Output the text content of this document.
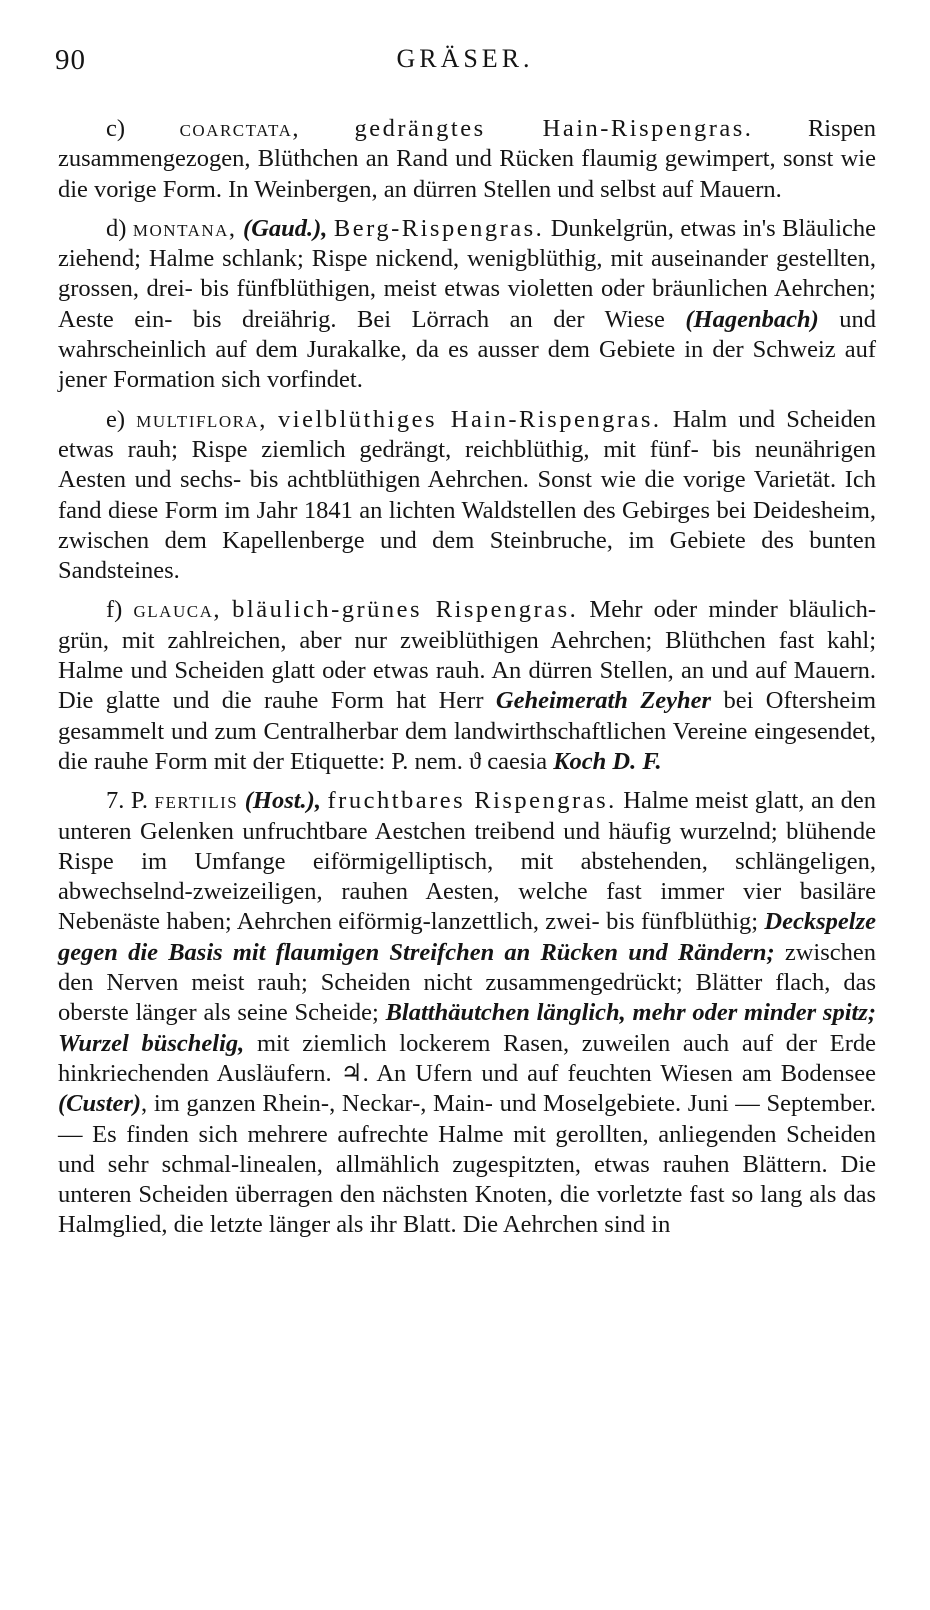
90	GRÄSER.

c) coarctata, gedrängtes Hain-Rispengras. Rispen zusammengezogen, Blüthchen an Rand und Rücken flaumig gewimpert, sonst wie die vorige Form. In Weinbergen, an dürren Stellen und selbst auf Mauern.

d) montana, (Gaud.), Berg-Rispengras. Dunkelgrün, etwas in's Bläuliche ziehend; Halme schlank; Rispe nickend, wenigblüthig, mit auseinander gestellten, grossen, drei- bis fünfblüthigen, meist etwas violetten oder bräunlichen Aehrchen; Aeste ein- bis dreiährig. Bei Lörrach an der Wiese (Hagenbach) und wahrscheinlich auf dem Jurakalke, da es ausser dem Gebiete in der Schweiz auf jener Formation sich vorfindet.

e) multiflora, vielblüthiges Hain-Rispengras. Halm und Scheiden etwas rauh; Rispe ziemlich gedrängt, reichblüthig, mit fünf- bis neunährigen Aesten und sechs- bis achtblüthigen Aehrchen. Sonst wie die vorige Varietät. Ich fand diese Form im Jahr 1841 an lichten Waldstellen des Gebirges bei Deidesheim, zwischen dem Kapellenberge und dem Steinbruche, im Gebiete des bunten Sandsteines.

f) glauca, bläulich-grünes Rispengras. Mehr oder minder bläulich-grün, mit zahlreichen, aber nur zweiblüthigen Aehrchen; Blüthchen fast kahl; Halme und Scheiden glatt oder etwas rauh. An dürren Stellen, an und auf Mauern. Die glatte und die rauhe Form hat Herr Geheimerath Zeyher bei Oftersheim gesammelt und zum Centralherbar dem landwirthschaftlichen Vereine eingesendet, die rauhe Form mit der Etiquette: P. nem. ϑ caesia Koch D. F.

7. P. fertilis (Host.), fruchtbares Rispengras. Halme meist glatt, an den unteren Gelenken unfruchtbare Aestchen treibend und häufig wurzelnd; blühende Rispe im Umfange eiförmigelliptisch, mit abstehenden, schlängeligen, abwechselnd-zweizeiligen, rauhen Aesten, welche fast immer vier basiläre Nebenäste haben; Aehrchen eiförmig-lanzettlich, zwei- bis fünfblüthig; Deckspelze gegen die Basis mit flaumigen Streifchen an Rücken und Rändern; zwischen den Nerven meist rauh; Scheiden nicht zusammengedrückt; Blätter flach, das oberste länger als seine Scheide; Blatthäutchen länglich, mehr oder minder spitz; Wurzel büschelig, mit ziemlich lockerem Rasen, zuweilen auch auf der Erde hinkriechenden Ausläufern. ♃. An Ufern und auf feuchten Wiesen am Bodensee (Custer), im ganzen Rhein-, Neckar-, Main- und Moselgebiete. Juni — September. — Es finden sich mehrere aufrechte Halme mit gerollten, anliegenden Scheiden und sehr schmal-linealen, allmählich zugespitzten, etwas rauhen Blättern. Die unteren Scheiden überragen den nächsten Knoten, die vorletzte fast so lang als das Halmglied, die letzte länger als ihr Blatt. Die Aehrchen sind in
